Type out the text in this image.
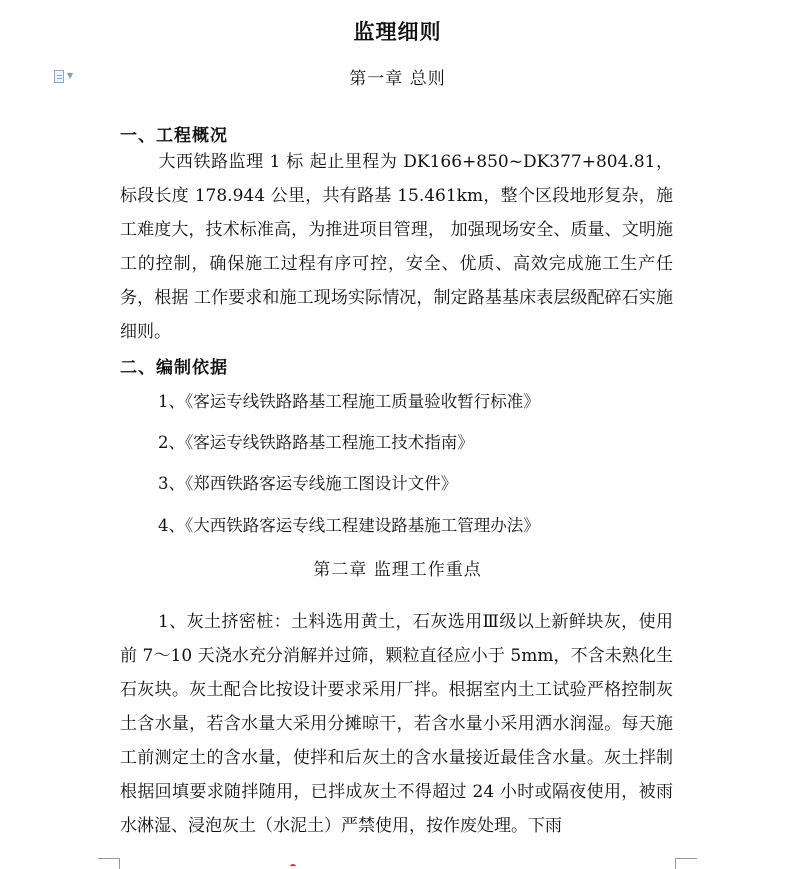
监理细则
▼	第一章 总则
一、工程概况

大西铁路监理 1 标 起止里程为 DK166+850~DK377+804.81，标段长度 178.944 公里，共有路基 15.461km，整个区段地形复杂，施工难度大，技术标准高，为推进项目管理， 加强现场安全、质量、文明施工的控制，确保施工过程有序可控，安全、优质、高效完成施工生产任务，根据 工作要求和施工现场实际情况，制定路基基床表层级配碎石实施细则。

二、编制依据
1、《客运专线铁路路基工程施工质量验收暂行标准》
2、《客运专线铁路路基工程施工技术指南》
3、《郑西铁路客运专线施工图设计文件》
4、《大西铁路客运专线工程建设路基施工管理办法》
第二章 监理工作重点

1、灰土挤密桩：土料选用黄土，石灰选用Ⅲ级以上新鲜块灰，使用前 7～10 天浇水充分消解并过筛，颗粒直径应小于 5mm，不含未熟化生石灰块。灰土配合比按设计要求采用厂拌。根据室内土工试验严格控制灰土含水量，若含水量大采用分摊晾干，若含水量小采用洒水润湿。每天施工前测定土的含水量，使拌和后灰土的含水量接近最佳含水量。灰土拌制根据回填要求随拌随用，已拌成灰土不得超过 24 小时或隔夜使用，被雨水淋湿、浸泡灰土（水泥土）严禁使用，按作废处理。下雨
